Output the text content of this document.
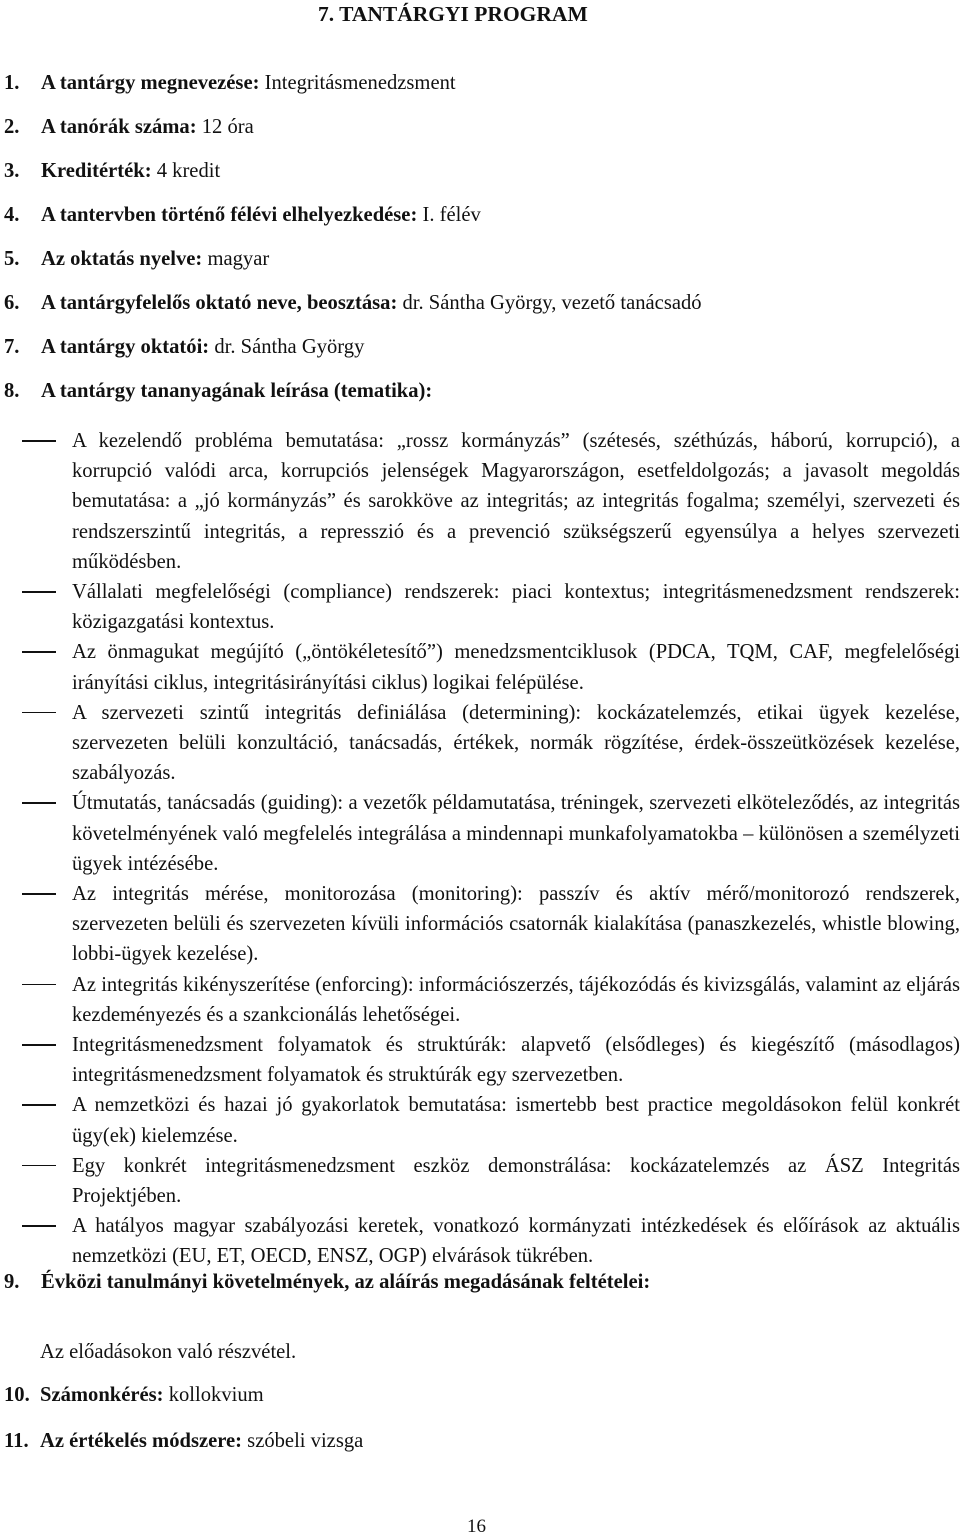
7. TANTÁRGYI PROGRAM
1. A tantárgy megnevezése: Integritásmenedzsment
2. A tanórák száma: 12 óra
3. Kreditérték: 4 kredit
4. A tantervben történő félévi elhelyezkedése: I. félév
5. Az oktatás nyelve: magyar
6. A tantárgyfelelős oktató neve, beosztása: dr. Sántha György, vezető tanácsadó
7. A tantárgy oktatói: dr. Sántha György
8. A tantárgy tananyagának leírása (tematika):
A kezelendő probléma bemutatása: „rossz kormányzás” (szétesés, széthúzás, háború, korrupció), a korrupció valódi arca, korrupciós jelenségek Magyarországon, esetfeldolgozás; a javasolt megoldás bemutatása: a „jó kormányzás” és sarokköve az integritás; az integritás fogalma; személyi, szervezeti és rendszerszintű integritás, a represszió és a prevenció szükségszerű egyensúlya a helyes szervezeti működésben.
Vállalati megfelelőségi (compliance) rendszerek: piaci kontextus; integritásmenedzsment rendszerek: közigazgatási kontextus.
Az önmagukat megújító („öntökéletesítő”) menedzsmentciklusok (PDCA, TQM, CAF, megfelelőségi irányítási ciklus, integritásirányítási ciklus) logikai felépülése.
A szervezeti szintű integritás definiálása (determining): kockázatelemzés, etikai ügyek kezelése, szervezeten belüli konzultáció, tanácsadás, értékek, normák rögzítése, érdek-összeütközések kezelése, szabályozás.
Útmutatás, tanácsadás (guiding): a vezetők példamutatása, tréningek, szervezeti elköteleződés, az integritás követelményének való megfelelés integrálása a mindennapi munkafolyamatokba – különösen a személyzeti ügyek intézésébe.
Az integritás mérése, monitorozása (monitoring): passzív és aktív mérő/monitorozó rendszerek, szervezeten belüli és szervezeten kívüli információs csatornák kialakítása (panaszkezelés, whistle blowing, lobbi-ügyek kezelése).
Az integritás kikényszerítése (enforcing): információszerzés, tájékozódás és kivizsgálás, valamint az eljárás kezdeményezés és a szankcionálás lehetőségei.
Integritásmenedzsment folyamatok és struktúrák: alapvető (elsődleges) és kiegészítő (másodlagos) integritásmenedzsment folyamatok és struktúrák egy szervezetben.
A nemzetközi és hazai jó gyakorlatok bemutatása: ismertebb best practice megoldásokon felül konkrét ügy(ek) kielemzése.
Egy konkrét integritásmenedzsment eszköz demonstrálása: kockázatelemzés az ÁSZ Integritás Projektjében.
A hatályos magyar szabályozási keretek, vonatkozó kormányzati intézkedések és előírások az aktuális nemzetközi (EU, ET, OECD, ENSZ, OGP) elvárások tükrében.
9. Évközi tanulmányi követelmények, az aláírás megadásának feltételei:
Az előadásokon való részvétel.
10. Számonkérés: kollokvium
11. Az értékelés módszere: szóbeli vizsga
16
